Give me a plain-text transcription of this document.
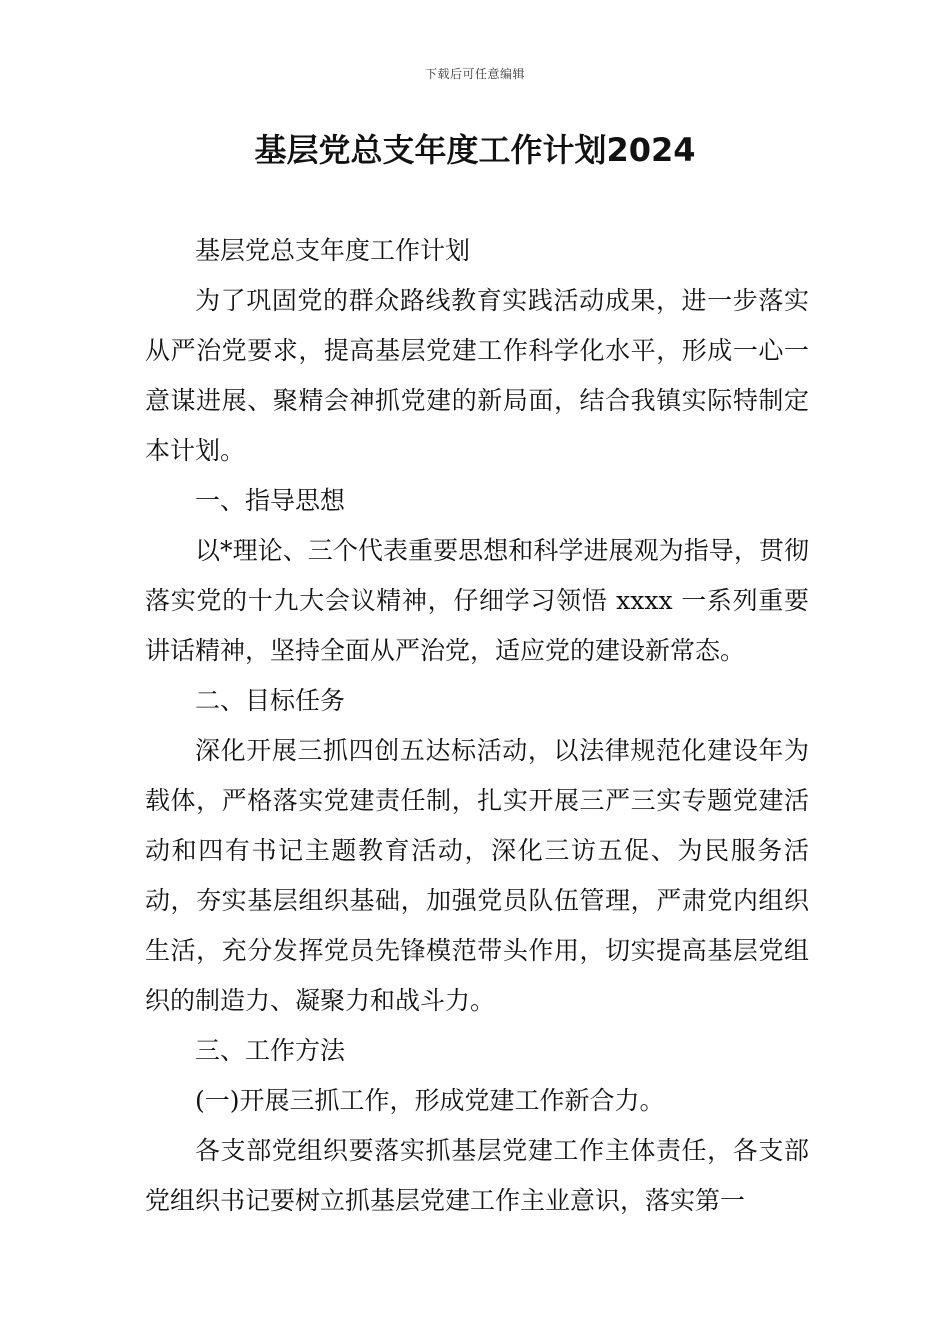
下载后可任意编辑
基层党总支年度工作计划2024

基层党总支年度工作计划

为了巩固党的群众路线教育实践活动成果，进一步落实从严治党要求，提高基层党建工作科学化水平，形成一心一意谋进展、聚精会神抓党建的新局面，结合我镇实际特制定本计划。

一、指导思想

以*理论、三个代表重要思想和科学进展观为指导，贯彻落实党的十九大会议精神，仔细学习领悟 xxxx 一系列重要讲话精神，坚持全面从严治党，适应党的建设新常态。

二、目标任务

深化开展三抓四创五达标活动，以法律规范化建设年为载体，严格落实党建责任制，扎实开展三严三实专题党建活动和四有书记主题教育活动，深化三访五促、为民服务活动，夯实基层组织基础，加强党员队伍管理，严肃党内组织生活，充分发挥党员先锋模范带头作用，切实提高基层党组织的制造力、凝聚力和战斗力。

三、工作方法

(一)开展三抓工作，形成党建工作新合力。

各支部党组织要落实抓基层党建工作主体责任，各支部党组织书记要树立抓基层党建工作主业意识，落实第一
